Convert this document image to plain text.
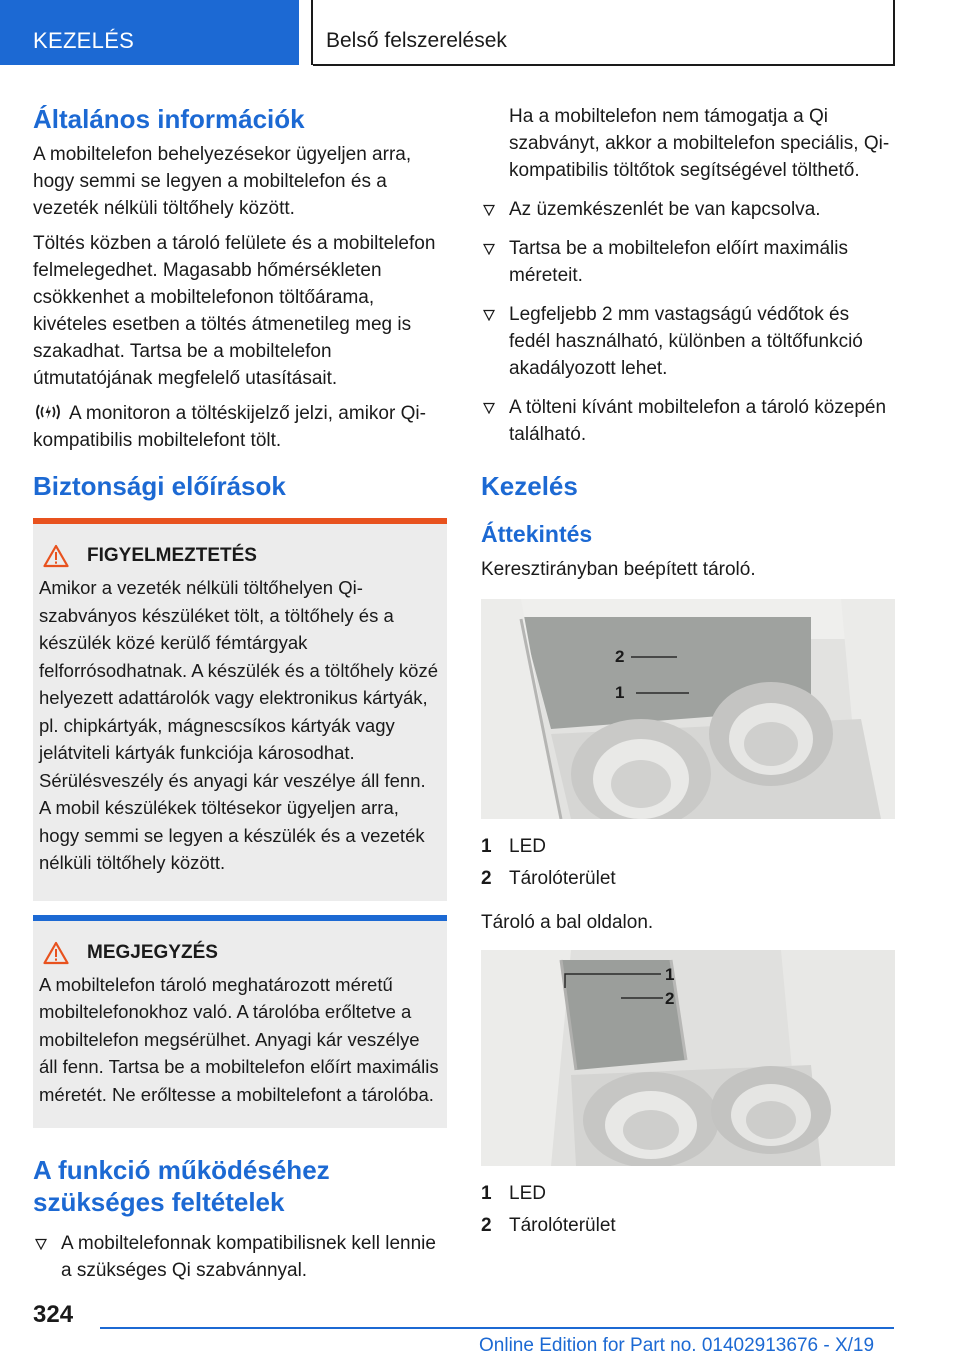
KEZELÉS	Belső felszerelések
Általános információk

A mobiltelefon behelyezésekor ügyeljen arra, hogy semmi se legyen a mobiltelefon és a vezeték nélküli töltőhely között.

Töltés közben a tároló felülete és a mobiltelefon felmelegedhet. Magasabb hőmérsékleten csökkenhet a mobiltelefonon töltőárama, kivételes esetben a töltés átmenetileg meg is szakadhat. Tartsa be a mobiltelefon útmutatójának megfelelő utasításait.

A monitoron a töltéskijelző jelzi, amikor Qi-kompatibilis mobiltelefont tölt.

Biztonsági előírások
FIGYELMEZTETÉS

Amikor a vezeték nélküli töltőhelyen Qi-szabványos készüléket tölt, a töltőhely és a készülék közé kerülő fémtárgyak felforrósodhatnak. A készülék és a töltőhely közé helyezett adattárolók vagy elektronikus kártyák, pl. chipkártyák, mágnescsíkos kártyák vagy jelátviteli kártyák funkciója károsodhat. Sérülésveszély és anyagi kár veszélye áll fenn. A mobil készülékek töltésekor ügyeljen arra, hogy semmi se legyen a készülék és a vezeték nélküli töltőhely között.

MEGJEGYZÉS

A mobiltelefon tároló meghatározott méretű mobiltelefonokhoz való. A tárolóba erőltetve a mobiltelefon megsérülhet. Anyagi kár veszélye áll fenn. Tartsa be a mobiltelefon előírt maximális méretét. Ne erőltesse a mobiltelefont a tárolóba.

A funkció működéséhez szükséges feltételek
A mobiltelefonnak kompatibilisnek kell lennie a szükséges Qi szabvánnyal.

Ha a mobiltelefon nem támogatja a Qi szabványt, akkor a mobiltelefon speciális, Qi-kompatibilis töltőtok segítségével tölthető.

Az üzemkészenlét be van kapcsolva.
Tartsa be a mobiltelefon előírt maximális méreteit.
Legfeljebb 2 mm vastagságú védőtok és fedél használható, különben a töltőfunkció akadályozott lehet.
A tölteni kívánt mobiltelefon a tároló közepén található.
Kezelés
Áttekintés

Keresztirányban beépített tároló.

2
1
1 LED
2 Tárolóterület

Tároló a bal oldalon.

1
2
1 LED
2 Tárolóterület
324
Online Edition for Part no. 01402913676 - X/19
